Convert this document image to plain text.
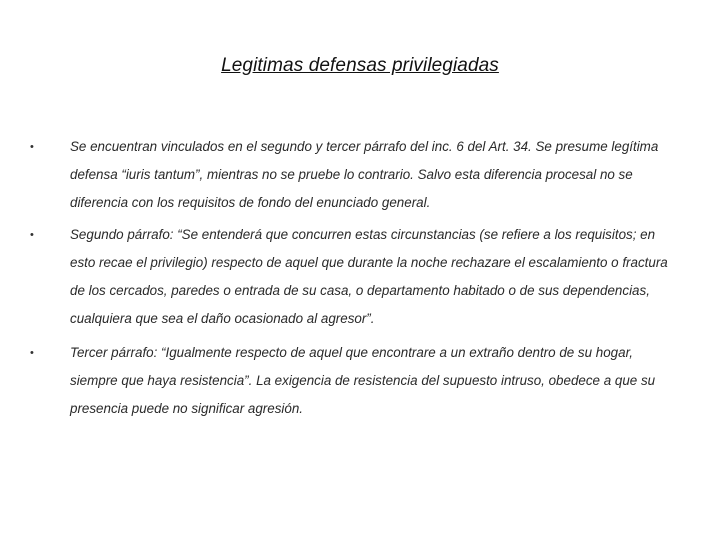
Legitimas defensas privilegiadas
•	Se encuentran vinculados en el segundo y tercer párrafo del inc. 6 del Art. 34. Se presume legítima defensa “iuris tantum”, mientras no se pruebe lo contrario. Salvo esta diferencia procesal no se diferencia con los requisitos de fondo del enunciado general.
•	Segundo párrafo: “Se entenderá que concurren estas circunstancias (se refiere a los requisitos; en esto recae el privilegio) respecto de aquel que durante la noche rechazare el escalamiento o fractura de los cercados, paredes o entrada de su casa, o departamento habitado o de sus dependencias, cualquiera que sea el daño ocasionado al agresor”.
•	Tercer párrafo: “Igualmente respecto de aquel que encontrare a un extraño dentro de su hogar, siempre que haya resistencia”. La exigencia de resistencia del supuesto intruso, obedece a que su presencia puede no significar agresión.
